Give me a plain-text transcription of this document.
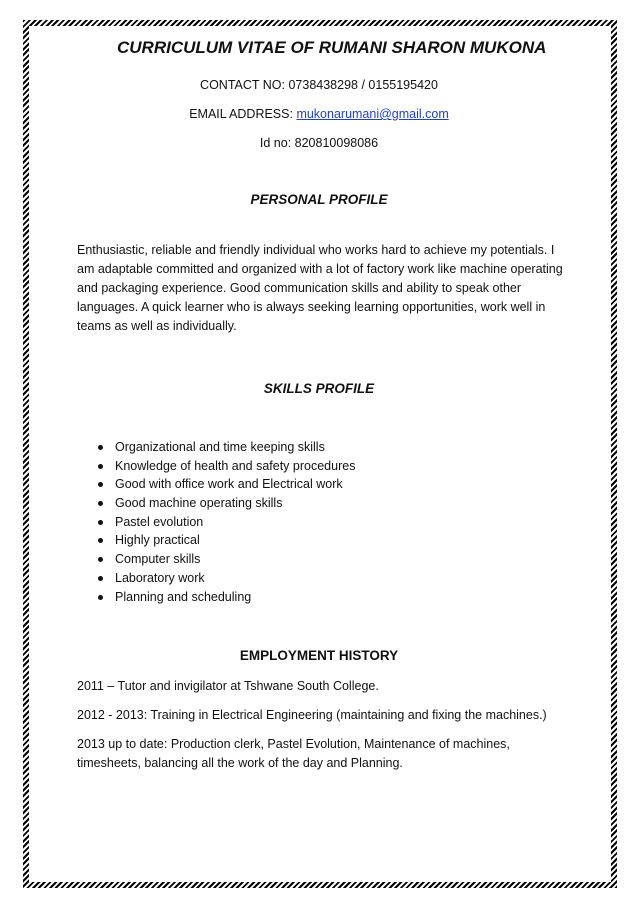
CURRICULUM VITAE OF RUMANI SHARON MUKONA
CONTACT NO: 0738438298 / 0155195420
EMAIL ADDRESS: mukonarumani@gmail.com
Id no: 820810098086
PERSONAL PROFILE

Enthusiastic, reliable and friendly individual who works hard to achieve my potentials. I am adaptable committed and organized with a lot of factory work like machine operating and packaging experience. Good communication skills and ability to speak other languages. A quick learner who is always seeking learning opportunities, work well in teams as well as individually.

SKILLS PROFILE
Organizational and time keeping skills
Knowledge of health and safety procedures
Good with office work and Electrical work
Good machine operating skills
Pastel evolution
Highly practical
Computer skills
Laboratory work
Planning and scheduling
EMPLOYMENT HISTORY

2011 – Tutor and invigilator at Tshwane South College.

2012 - 2013: Training in Electrical Engineering (maintaining and fixing the machines.)

2013 up to date: Production clerk, Pastel Evolution, Maintenance of machines, timesheets, balancing all the work of the day and Planning.
